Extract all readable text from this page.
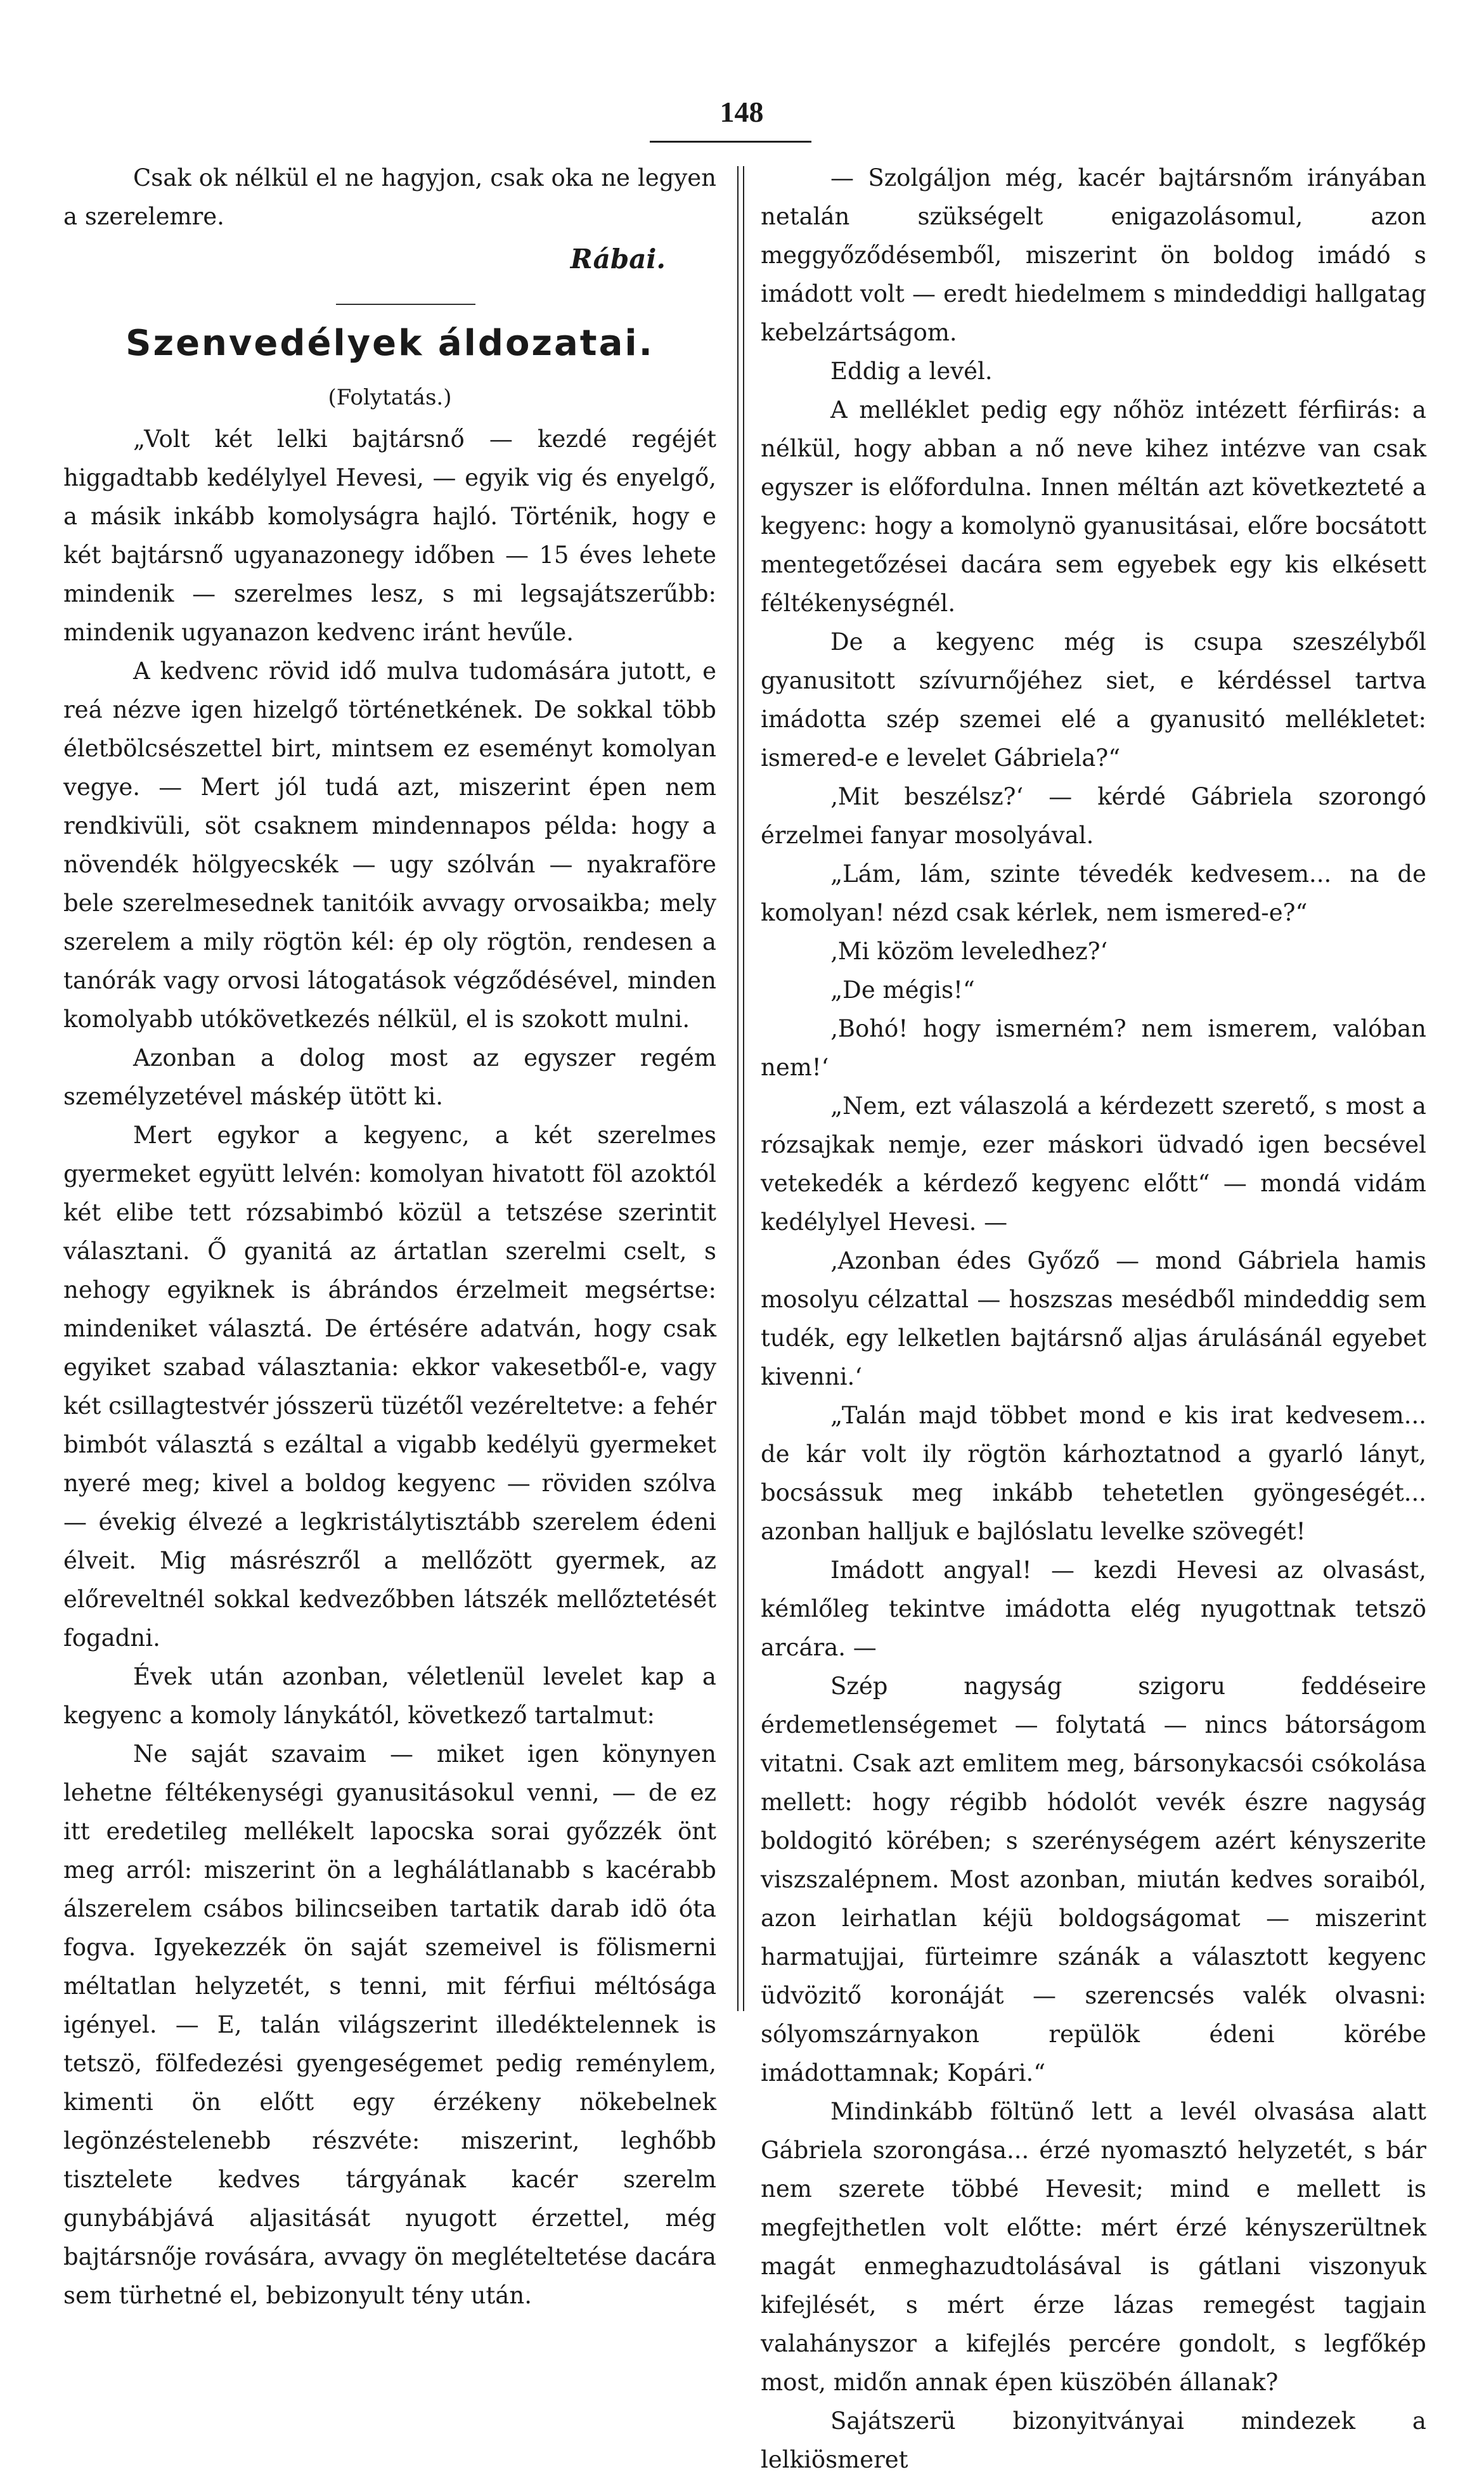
148

Csak ok nélkül el ne hagyjon, csak oka ne legyen a szerelemre.

Rábai.

Szenvedélyek áldozatai.

(Folytatás.)

„Volt két lelki bajtársnő — kezdé regéjét higgadtabb kedélylyel Hevesi, — egyik vig és enyelgő, a másik inkább komolyságra hajló. Történik, hogy e két bajtársnő ugyanazonegy időben — 15 éves lehete mindenik — szerelmes lesz, s mi legsajátszerűbb: mindenik ugyanazon kedvenc iránt hevűle.

A kedvenc rövid idő mulva tudomására jutott, e reá nézve igen hizelgő történetkének. De sokkal több életbölcsészettel birt, mintsem ez eseményt komolyan vegye. — Mert jól tudá azt, miszerint épen nem rendkivüli, söt csaknem mindennapos példa: hogy a növendék hölgyecskék — ugy szólván — nyakraföre bele szerelmesednek tanitóik avvagy orvosaikba; mely szerelem a mily rögtön kél: ép oly rögtön, rendesen a tanórák vagy orvosi látogatások végződésével, minden komolyabb utókövetkezés nélkül, el is szokott mulni.

Azonban a dolog most az egyszer regém személyzetével máskép ütött ki.

Mert egykor a kegyenc, a két szerelmes gyermeket együtt lelvén: komolyan hivatott föl azoktól két elibe tett rózsabimbó közül a tetszése szerintit választani. Ő gyanitá az ártatlan szerelmi cselt, s nehogy egyiknek is ábrándos érzelmeit megsértse: mindeniket választá. De értésére adatván, hogy csak egyiket szabad választania: ekkor vakesetből-e, vagy két csillagtestvér jósszerü tüzétől vezéreltetve: a fehér bimbót választá s ezáltal a vigabb kedélyü gyermeket nyeré meg; kivel a boldog kegyenc — röviden szólva — évekig élvezé a legkristálytisztább szerelem édeni élveit. Mig másrészről a mellőzött gyermek, az előreveltnél sokkal kedvezőbben látszék mellőztetését fogadni.

Évek után azonban, véletlenül levelet kap a kegyenc a komoly lánykától, következő tartalmut:

Ne saját szavaim — miket igen könynyen lehetne féltékenységi gyanusitásokul venni, — de ez itt eredetileg mellékelt lapocska sorai győzzék önt meg arról: miszerint ön a leghálátlanabb s kacérabb álszerelem csábos bilincseiben tartatik darab idö óta fogva. Igyekezzék ön saját szemeivel is fölismerni méltatlan helyzetét, s tenni, mit férfiui méltósága igényel. — E, talán világszerint illedéktelennek is tetszö, fölfedezési gyengeségemet pedig reménylem, kimenti ön előtt egy érzékeny nökebelnek legönzéstelenebb részvéte: miszerint, leghőbb tisztelete kedves tárgyának kacér szerelm gunybábjává aljasitását nyugott érzettel, még bajtársnője rovására, avvagy ön meglételtetése dacára sem türhetné el, bebizonyult tény után.

— Szolgáljon még, kacér bajtársnőm irányában netalán szükségelt enigazolásomul, azon meggyőződésemből, miszerint ön boldog imádó s imádott volt — eredt hiedelmem s mindeddigi hallgatag kebelzártságom.

Eddig a levél.

A melléklet pedig egy nőhöz intézett férfiirás: a nélkül, hogy abban a nő neve kihez intézve van csak egyszer is előfordulna. Innen méltán azt következteté a kegyenc: hogy a komolynö gyanusitásai, előre bocsátott mentegetőzései dacára sem egyebek egy kis elkésett féltékenységnél.

De a kegyenc még is csupa szeszélyből gyanusitott szívurnőjéhez siet, e kérdéssel tartva imádotta szép szemei elé a gyanusitó mellékletet: ismered-e e levelet Gábriela?“

‚Mit beszélsz?‘ — kérdé Gábriela szorongó érzelmei fanyar mosolyával.

„Lám, lám, szinte tévedék kedvesem... na de komolyan! nézd csak kérlek, nem ismered-e?“

‚Mi közöm leveledhez?‘

„De mégis!“

‚Bohó! hogy ismerném? nem ismerem, valóban nem!‘

„Nem, ezt válaszolá a kérdezett szerető, s most a rózsajkak nemje, ezer máskori üdvadó igen becsével vetekedék a kérdező kegyenc előtt“ — mondá vidám kedélylyel Hevesi. —

‚Azonban édes Győző — mond Gábriela hamis mosolyu célzattal — hoszszas mesédből mindeddig sem tudék, egy lelketlen bajtársnő aljas árulásánál egyebet kivenni.‘

„Talán majd többet mond e kis irat kedvesem... de kár volt ily rögtön kárhoztatnod a gyarló lányt, bocsássuk meg inkább tehetetlen gyöngeségét... azonban halljuk e bajlóslatu levelke szövegét!

Imádott angyal! — kezdi Hevesi az olvasást, kémlőleg tekintve imádotta elég nyugottnak tetszö arcára. —

Szép nagyság szigoru feddéseire érdemetlenségemet — folytatá — nincs bátorságom vitatni. Csak azt emlitem meg, bársonykacsói csókolása mellett: hogy régibb hódolót vevék észre nagyság boldogitó körében; s szerénységem azért kényszerite viszszalépnem. Most azonban, miután kedves soraiból, azon leirhatlan kéjü boldogságomat — miszerint harmatujjai, fürteimre szánák a választott kegyenc üdvözitő koronáját — szerencsés valék olvasni: sólyomszárnyakon repülök édeni körébe imádottamnak; Kopári.“

Mindinkább föltünő lett a levél olvasása alatt Gábriela szorongása... érzé nyomasztó helyzetét, s bár nem szerete többé Hevesit; mind e mellett is megfejthetlen volt előtte: mért érzé kényszerültnek magát enmeghazudtolásával is gátlani viszonyuk kifejlését, s mért érze lázas remegést tagjain valahányszor a kifejlés percére gondolt, s legfőkép most, midőn annak épen küszöbén állanak?

Sajátszerü bizonyitványai mindezek a lelkiösmeret
